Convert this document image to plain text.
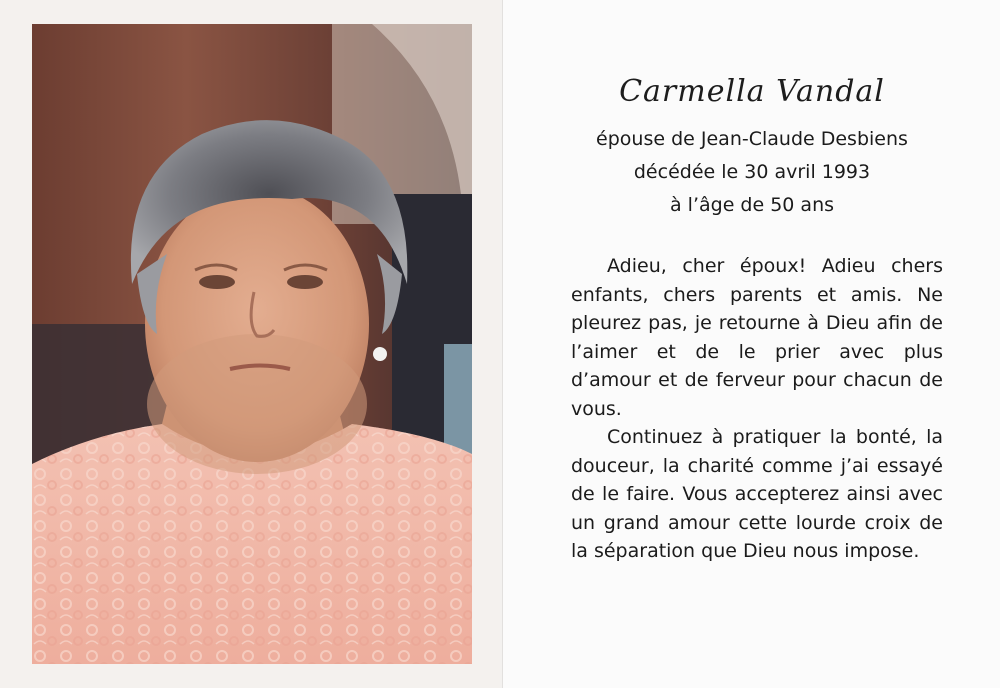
Carmella Vandal
épouse de Jean-Claude Desbiens
décédée le 30 avril 1993
à l’âge de 50 ans
Adieu, cher époux! Adieu chers enfants, chers parents et amis. Ne pleurez pas, je retourne à Dieu afin de l’aimer et de le prier avec plus d’amour et de ferveur pour chacun de vous.
Continuez à pratiquer la bonté, la douceur, la charité comme j’ai essayé de le faire. Vous accepterez ainsi avec un grand amour cette lourde croix de la séparation que Dieu nous impose.
